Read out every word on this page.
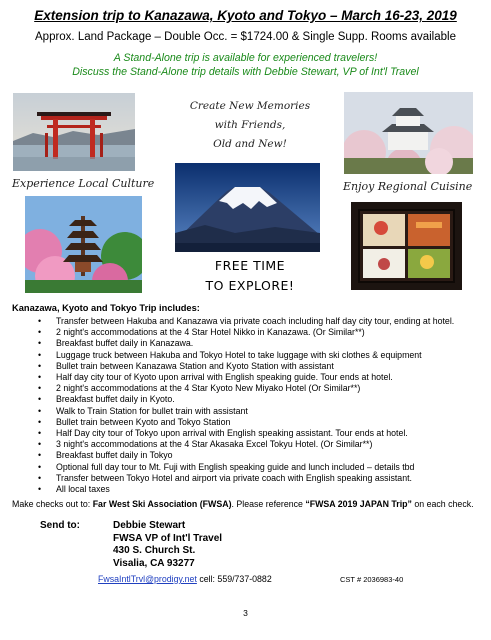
Extension trip to Kanazawa, Kyoto and Tokyo – March 16-23, 2019
Approx. Land Package – Double Occ. = $1724.00 & Single Supp. Rooms available
A Stand-Alone trip is available for experienced travelers!
Discuss the Stand-Alone trip details with Debbie Stewart, VP of Int'l Travel
Create New Memories
with Friends,
Old and New!
Experience Local Culture	Enjoy Regional Cuisine
FREE TIME
TO EXPLORE!
Kanazawa, Kyoto and Tokyo Trip includes:
• Transfer between Hakuba and Kanazawa via private coach including half day city tour, ending at hotel.
• 2 night's accommodations at the 4 Star Hotel Nikko in Kanazawa. (Or Similar**)
• Breakfast buffet daily in Kanazawa.
• Luggage truck between Hakuba and Tokyo Hotel to take luggage with ski clothes & equipment
• Bullet train between Kanazawa Station and Kyoto Station with assistant
• Half day city tour of Kyoto upon arrival with English speaking guide. Tour ends at hotel.
• 2 night's accommodations at the 4 Star Kyoto New Miyako Hotel (Or Similar**)
• Breakfast buffet daily in Kyoto.
• Walk to Train Station for bullet train with assistant
• Bullet train between Kyoto and Tokyo Station
• Half Day city tour of Tokyo upon arrival with English speaking assistant. Tour ends at hotel.
• 3 night's accommodations at the 4 Star Akasaka Excel Tokyu Hotel. (Or Similar**)
• Breakfast buffet daily in Tokyo
• Optional full day tour to Mt. Fuji with English speaking guide and lunch included – details tbd
• Transfer between Tokyo Hotel and airport via private coach with English speaking assistant.
• All local taxes
Make checks out to: Far West Ski Association (FWSA). Please reference “FWSA 2019 JAPAN Trip” on each check.
Send to:	Debbie Stewart
FWSA VP of Int'l Travel
430 S. Church St.
Visalia, CA 93277
FwsaIntlTrvl@prodigy.net cell: 559/737-0882	CST # 2036983-40
3
